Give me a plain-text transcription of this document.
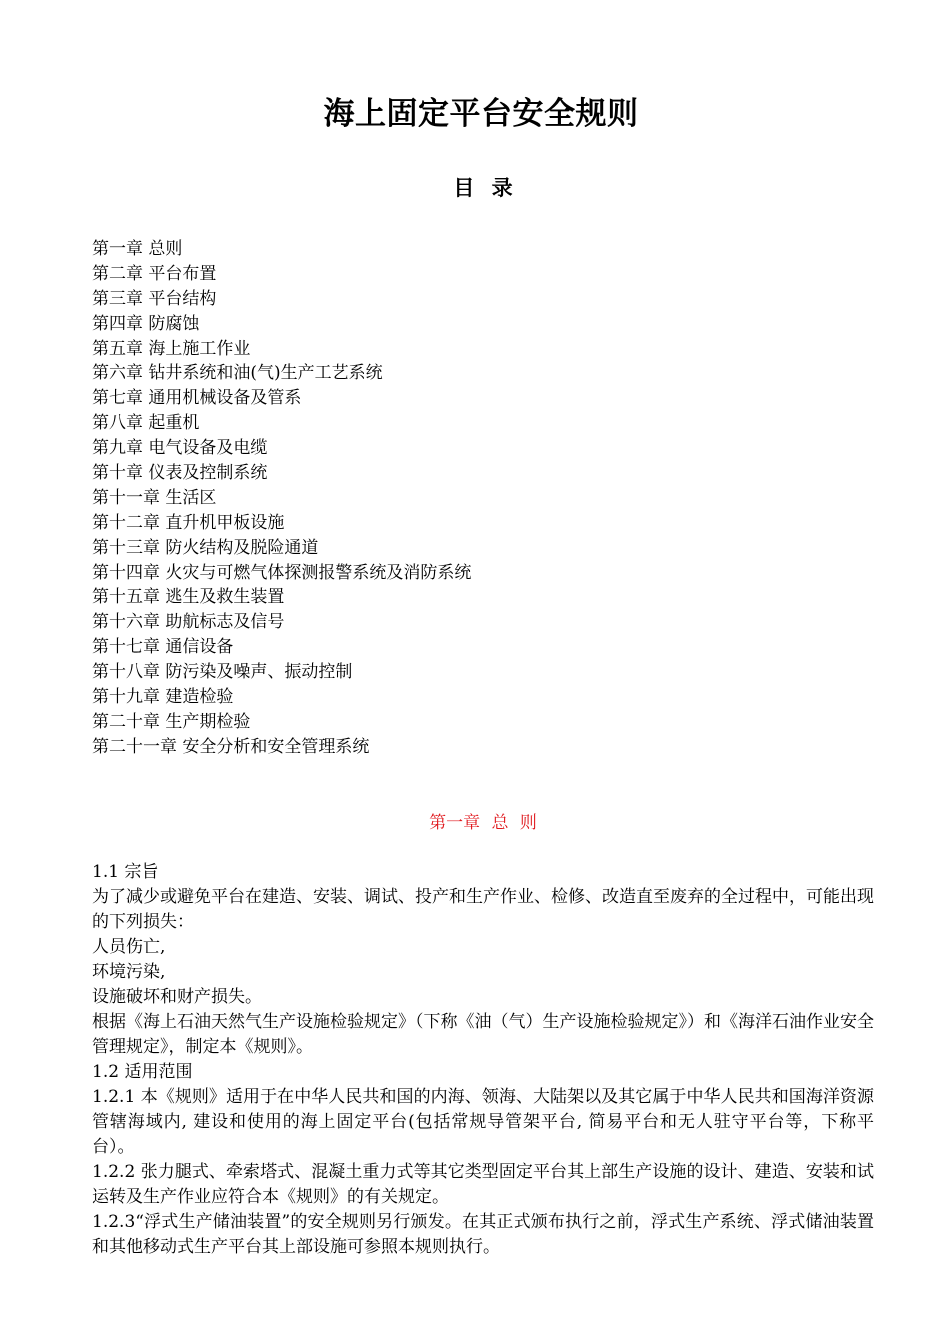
海上固定平台安全规则
目 录
第一章 总则
第二章 平台布置
第三章 平台结构
第四章 防腐蚀
第五章 海上施工作业
第六章 钻井系统和油(气)生产工艺系统
第七章 通用机械设备及管系
第八章 起重机
第九章 电气设备及电缆
第十章 仪表及控制系统
第十一章 生活区
第十二章 直升机甲板设施
第十三章 防火结构及脱险通道
第十四章 火灾与可燃气体探测报警系统及消防系统
第十五章 逃生及救生装置
第十六章 助航标志及信号
第十七章 通信设备
第十八章 防污染及噪声、振动控制
第十九章 建造检验
第二十章 生产期检验
第二十一章 安全分析和安全管理系统
第一章 总 则

1.1 宗旨

为了减少或避免平台在建造、安装、调试、投产和生产作业、检修、改造直至废弃的全过程中，可能出现的下列损失：

人员伤亡,

环境污染,

设施破坏和财产损失。

根据《海上石油天然气生产设施检验规定》（下称《油（气）生产设施检验规定》）和《海洋石油作业安全管理规定》，制定本《规则》。

1.2 适用范围

1.2.1 本《规则》适用于在中华人民共和国的内海、领海、大陆架以及其它属于中华人民共和国海洋资源管辖海域内, 建设和使用的海上固定平台(包括常规导管架平台, 简易平台和无人驻守平台等，下称平台）。

1.2.2 张力腿式、牵索塔式、混凝土重力式等其它类型固定平台其上部生产设施的设计、建造、安装和试运转及生产作业应符合本《规则》的有关规定。

1.2.3“浮式生产储油装置”的安全规则另行颁发。在其正式颁布执行之前，浮式生产系统、浮式储油装置和其他移动式生产平台其上部设施可参照本规则执行。
